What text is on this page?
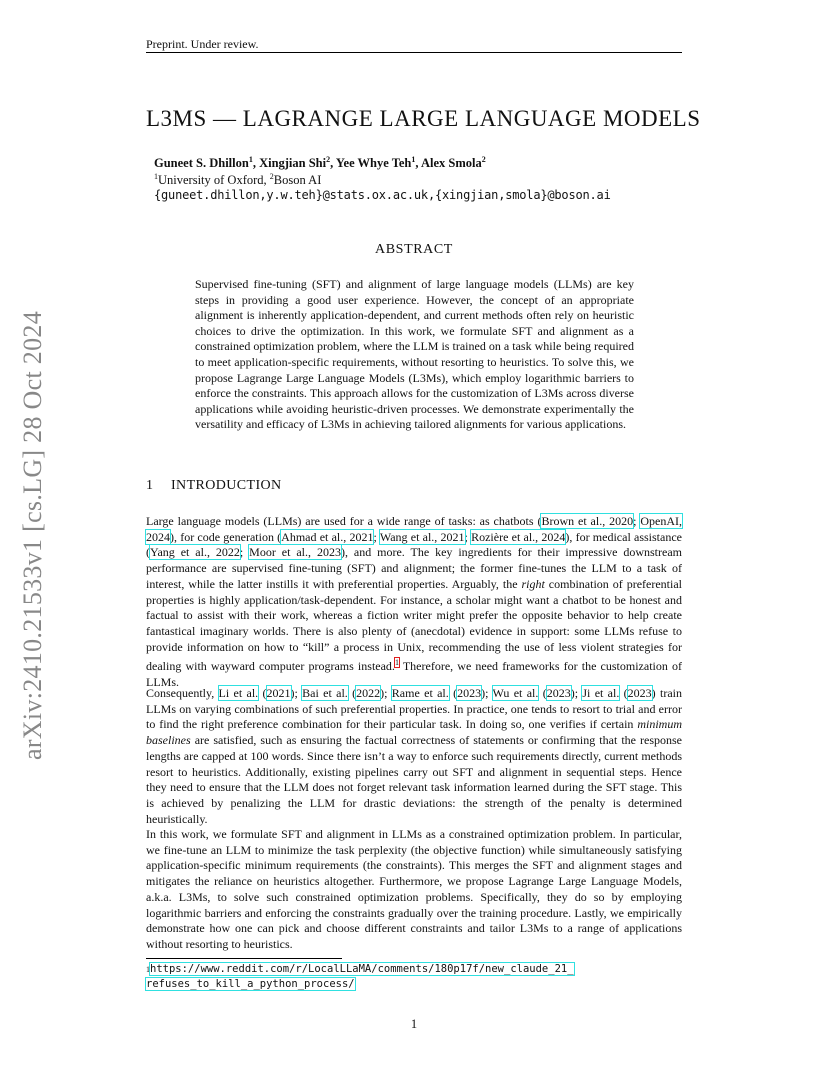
Preprint. Under review.
arXiv:2410.21533v1 [cs.LG] 28 Oct 2024
L3MS — LAGRANGE LARGE LANGUAGE MODELS
Guneet S. Dhillon$^1$, Xingjian Shi$^2$, Yee Whye Teh$^1$, Alex Smola$^2$
$^1$University of Oxford, $^2$Boson AI
{guneet.dhillon,y.w.teh}@stats.ox.ac.uk,{xingjian,smola}@boson.ai
ABSTRACT
Supervised fine-tuning (SFT) and alignment of large language models (LLMs) are key steps in providing a good user experience. However, the concept of an appropriate alignment is inherently application-dependent, and current methods often rely on heuristic choices to drive the optimization. In this work, we formulate SFT and alignment as a constrained optimization problem, where the LLM is trained on a task while being required to meet application-specific requirements, without resorting to heuristics. To solve this, we propose Lagrange Large Language Models (L3Ms), which employ logarithmic barriers to enforce the constraints. This approach allows for the customization of L3Ms across diverse applications while avoiding heuristic-driven processes. We demonstrate experimentally the versatility and efficacy of L3Ms in achieving tailored alignments for various applications.
1 INTRODUCTION

Large language models (LLMs) are used for a wide range of tasks: as chatbots (Brown et al., 2020; OpenAI, 2024), for code generation (Ahmad et al., 2021; Wang et al., 2021; Rozière et al., 2024), for medical assistance (Yang et al., 2022; Moor et al., 2023), and more. The key ingredients for their impressive downstream performance are supervised fine-tuning (SFT) and alignment; the former fine-tunes the LLM to a task of interest, while the latter instills it with preferential properties. Arguably, the right combination of preferential properties is highly application/task-dependent. For instance, a scholar might want a chatbot to be honest and factual to assist with their work, whereas a fiction writer might prefer the opposite behavior to help create fantastical imaginary worlds. There is also plenty of (anecdotal) evidence in support: some LLMs refuse to provide information on how to “kill” a process in Unix, recommending the use of less violent strategies for dealing with wayward computer programs instead.$^1$ Therefore, we need frameworks for the customization of LLMs.

Consequently, Li et al. (2021); Bai et al. (2022); Rame et al. (2023); Wu et al. (2023); Ji et al. (2023) train LLMs on varying combinations of such preferential properties. In practice, one tends to resort to trial and error to find the right preference combination for their particular task. In doing so, one verifies if certain minimum baselines are satisfied, such as ensuring the factual correctness of statements or confirming that the response lengths are capped at 100 words. Since there isn’t a way to enforce such requirements directly, current methods resort to heuristics. Additionally, existing pipelines carry out SFT and alignment in sequential steps. Hence they need to ensure that the LLM does not forget relevant task information learned during the SFT stage. This is achieved by penalizing the LLM for drastic deviations: the strength of the penalty is determined heuristically.

In this work, we formulate SFT and alignment in LLMs as a constrained optimization problem. In particular, we fine-tune an LLM to minimize the task perplexity (the objective function) while simultaneously satisfying application-specific minimum requirements (the constraints). This merges the SFT and alignment stages and mitigates the reliance on heuristics altogether. Furthermore, we propose Lagrange Large Language Models, a.k.a. L3Ms, to solve such constrained optimization problems. Specifically, they do so by employing logarithmic barriers and enforcing the constraints gradually over the training procedure. Lastly, we empirically demonstrate how one can pick and choose different constraints and tailor L3Ms to a range of applications without resorting to heuristics.

$^1$https://www.reddit.com/r/LocalLLaMA/comments/180p17f/new_claude_21_
refuses_to_kill_a_python_process/
1
